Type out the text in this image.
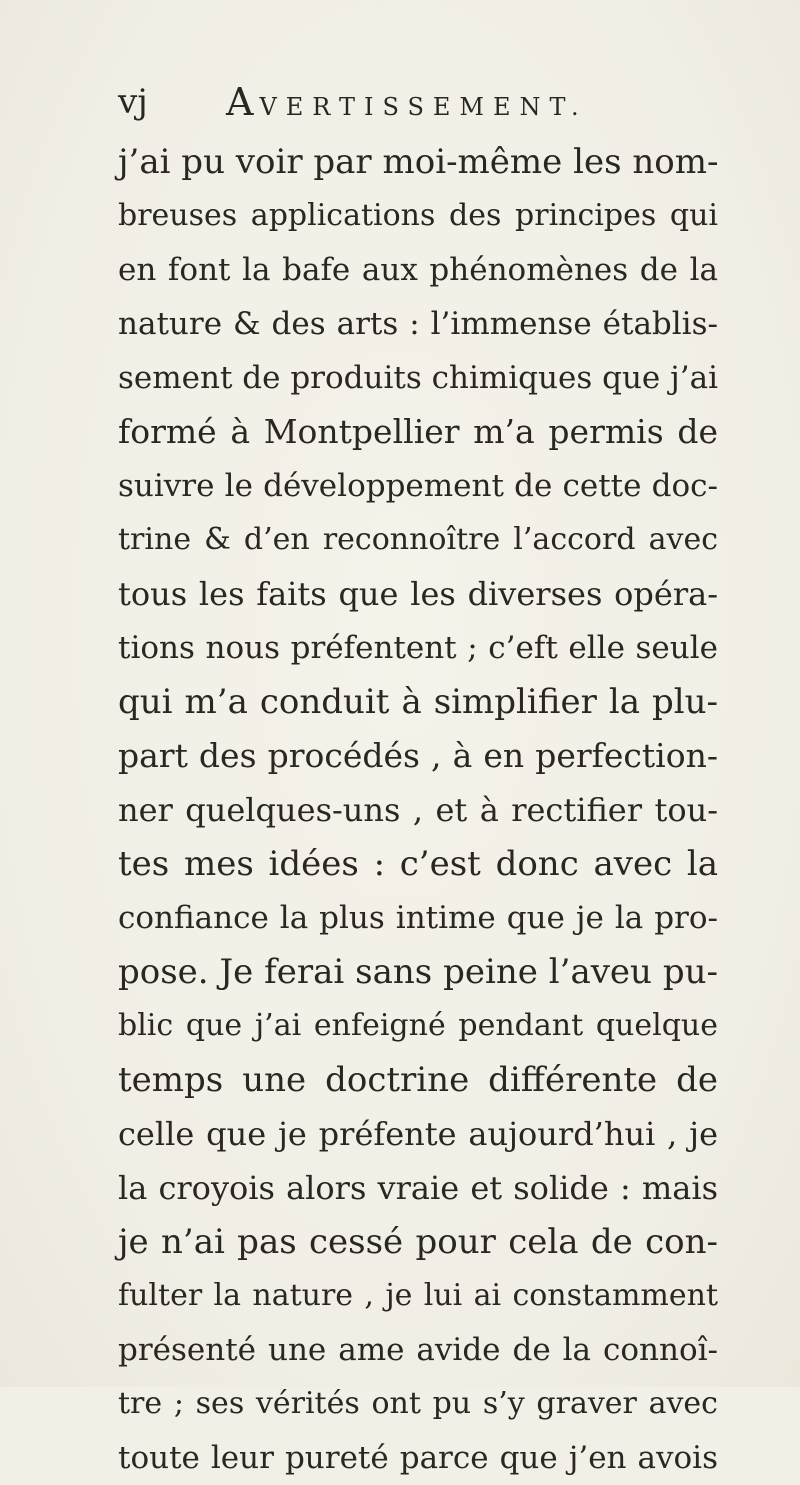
vj AVERTISSEMENT.
j’ai pu voir par moi-même les nom-
breuses applications des principes qui
en font la bafe aux phénomènes de la
nature & des arts : l’immense établis-
sement de produits chimiques que j’ai
formé à Montpellier m’a permis de
suivre le développement de cette doc-
trine & d’en reconnoître l’accord avec
tous les faits que les diverses opéra-
tions nous préfentent ; c’eft elle seule
qui m’a conduit à simplifier la plu-
part des procédés , à en perfection-
ner quelques-uns , et à rectifier tou-
tes mes idées : c’est donc avec la
confiance la plus intime que je la pro-
pose. Je ferai sans peine l’aveu pu-
blic que j’ai enfeigné pendant quelque
temps une doctrine différente de
celle que je préfente aujourd’hui , je
la croyois alors vraie et solide : mais
je n’ai pas cessé pour cela de con-
fulter la nature , je lui ai constamment
présenté une ame avide de la connoî-
tre ; ses vérités ont pu s’y graver avec
toute leur pureté parce que j’en avois
